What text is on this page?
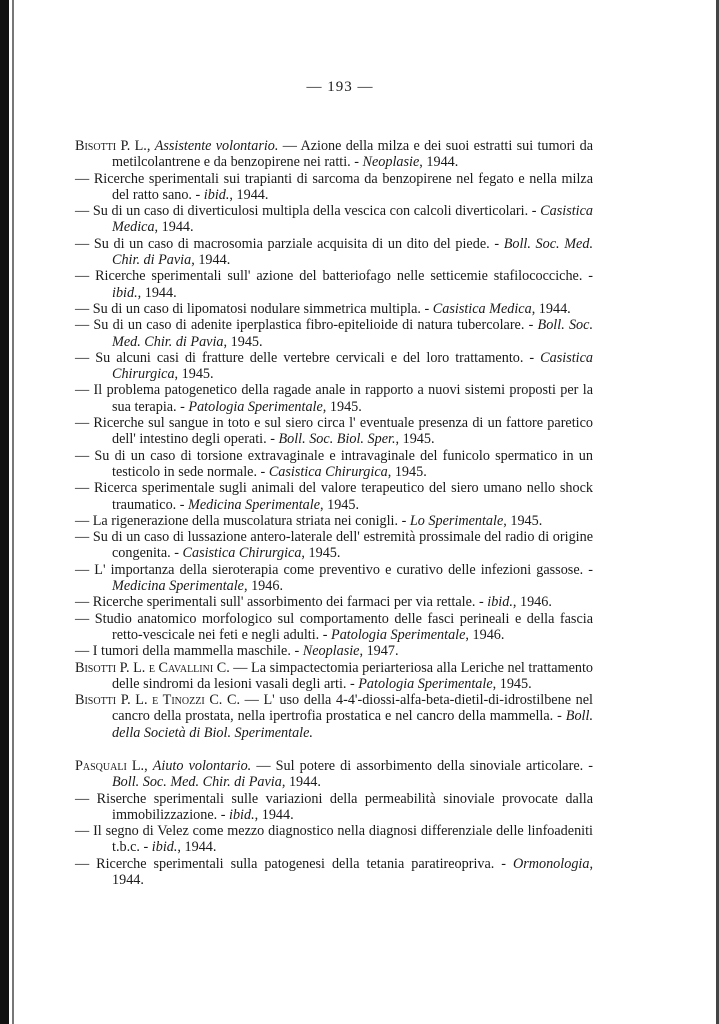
— 193 —
Bisotti P. L., Assistente volontario. — Azione della milza e dei suoi estratti sui tumori da metilcolantrene e da benzopirene nei ratti. - Neoplasie, 1944.
— Ricerche sperimentali sui trapianti di sarcoma da benzopirene nel fegato e nella milza del ratto sano. - ibid., 1944.
— Su di un caso di diverticulosi multipla della vescica con calcoli diverticolari. - Casistica Medica, 1944.
— Su di un caso di macrosomia parziale acquisita di un dito del piede. - Boll. Soc. Med. Chir. di Pavia, 1944.
— Ricerche sperimentali sull' azione del batteriofago nelle setticemie stafilococciche. - ibid., 1944.
— Su di un caso di lipomatosi nodulare simmetrica multipla. - Casistica Medica, 1944.
— Su di un caso di adenite iperplastica fibro-epitelioide di natura tubercolare. - Boll. Soc. Med. Chir. di Pavia, 1945.
— Su alcuni casi di fratture delle vertebre cervicali e del loro trattamento. - Casistica Chirurgica, 1945.
— Il problema patogenetico della ragade anale in rapporto a nuovi sistemi proposti per la sua terapia. - Patologia Sperimentale, 1945.
— Ricerche sul sangue in toto e sul siero circa l' eventuale presenza di un fattore paretico dell' intestino degli operati. - Boll. Soc. Biol. Sper., 1945.
— Su di un caso di torsione extravaginale e intravaginale del funicolo spermatico in un testicolo in sede normale. - Casistica Chirurgica, 1945.
— Ricerca sperimentale sugli animali del valore terapeutico del siero umano nello shock traumatico. - Medicina Sperimentale, 1945.
— La rigenerazione della muscolatura striata nei conigli. - Lo Sperimentale, 1945.
— Su di un caso di lussazione antero-laterale dell' estremità prossimale del radio di origine congenita. - Casistica Chirurgica, 1945.
— L' importanza della sieroterapia come preventivo e curativo delle infezioni gassose. - Medicina Sperimentale, 1946.
— Ricerche sperimentali sull' assorbimento dei farmaci per via rettale. - ibid., 1946.
— Studio anatomico morfologico sul comportamento delle fasci perineali e della fascia retto-vescicale nei feti e negli adulti. - Patologia Sperimentale, 1946.
— I tumori della mammella maschile. - Neoplasie, 1947.
Bisotti P. L. e Cavallini C. — La simpactectomia periarteriosa alla Leriche nel trattamento delle sindromi da lesioni vasali degli arti. - Patologia Sperimentale, 1945.
Bisotti P. L. e Tinozzi C. C. — L' uso della 4-4'-diossi-alfa-beta-dietil-di-idrostilbene nel cancro della prostata, nella ipertrofia prostatica e nel cancro della mammella. - Boll. della Società di Biol. Sperimentale.
Pasquali L., Aiuto volontario. — Sul potere di assorbimento della sinoviale articolare. - Boll. Soc. Med. Chir. di Pavia, 1944.
— Riserche sperimentali sulle variazioni della permeabilità sinoviale provocate dalla immobilizzazione. - ibid., 1944.
— Il segno di Velez come mezzo diagnostico nella diagnosi differenziale delle linfoadeniti t.b.c. - ibid., 1944.
— Ricerche sperimentali sulla patogenesi della tetania paratireopriva. - Ormonologia, 1944.
